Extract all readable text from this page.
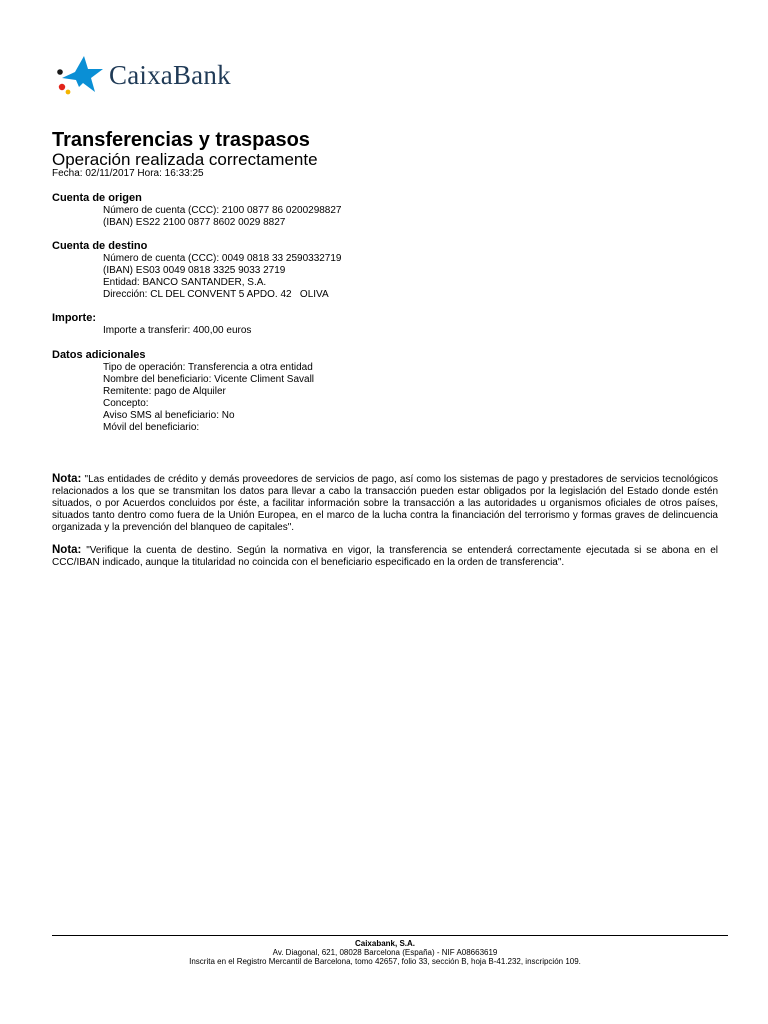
CaixaBank
Transferencias y traspasos
Operación realizada correctamente
Fecha: 02/11/2017 Hora: 16:33:25
Cuenta de origen
Número de cuenta (CCC): 2100 0877 86 0200298827
(IBAN) ES22 2100 0877 8602 0029 8827
Cuenta de destino
Número de cuenta (CCC): 0049 0818 33 2590332719
(IBAN) ES03 0049 0818 3325 9033 2719
Entidad: BANCO SANTANDER, S.A.
Dirección: CL DEL CONVENT 5 APDO. 42   OLIVA
Importe:
Importe a transferir: 400,00 euros
Datos adicionales
Tipo de operación: Transferencia a otra entidad
Nombre del beneficiario: Vicente Climent Savall
Remitente: pago de Alquiler
Concepto:
Aviso SMS al beneficiario: No
Móvil del beneficiario:
Nota: "Las entidades de crédito y demás proveedores de servicios de pago, así como los sistemas de pago y prestadores de servicios tecnológicos relacionados a los que se transmitan los datos para llevar a cabo la transacción pueden estar obligados por la legislación del Estado donde estén situados, o por Acuerdos concluidos por éste, a facilitar información sobre la transacción a las autoridades u organismos oficiales de otros países, situados tanto dentro como fuera de la Unión Europea, en el marco de la lucha contra la financiación del terrorismo y formas graves de delincuencia organizada y la prevención del blanqueo de capitales".
Nota: "Verifique la cuenta de destino. Según la normativa en vigor, la transferencia se entenderá correctamente ejecutada si se abona en el CCC/IBAN indicado, aunque la titularidad no coincida con el beneficiario especificado en la orden de transferencia".
Caixabank, S.A.
Av. Diagonal, 621, 08028 Barcelona (España) - NIF A08663619
Inscrita en el Registro Mercantil de Barcelona, tomo 42657, folio 33, sección B, hoja B-41.232, inscripción 109.
